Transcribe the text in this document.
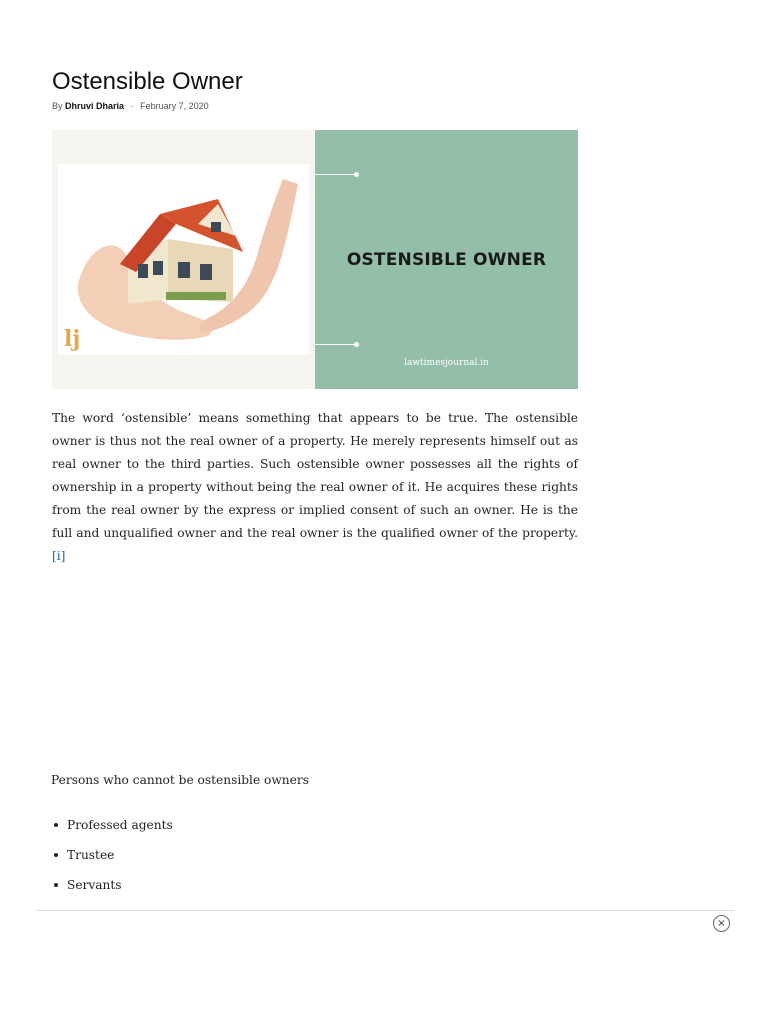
Ostensible Owner
By Dhruvi Dharia - February 7, 2020
lj
OSTENSIBLE OWNER
lawtimesjournal.in

The word ‘ostensible’ means something that appears to be true. The ostensible owner is thus not the real owner of a property. He merely represents himself out as real owner to the third parties. Such ostensible owner possesses all the rights of ownership in a property without being the real owner of it. He acquires these rights from the real owner by the express or implied consent of such an owner. He is the full and unqualified owner and the real owner is the qualified owner of the property.[i]

Persons who cannot be ostensible owners

Professed agents
Trustee
Servants
×
